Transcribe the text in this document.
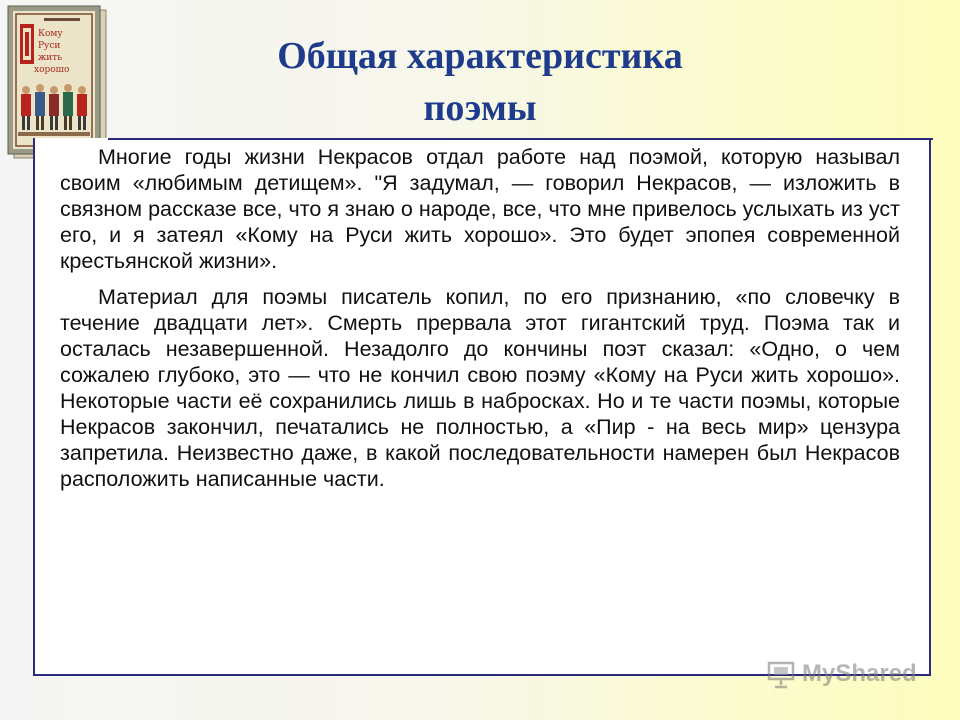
Кому
Руси
жить
хорошо	Общая характеристика
поэмы

Многие годы жизни Некрасов отдал работе над поэмой, которую называл своим «любимым детищем». "Я задумал, — говорил Некрасов, — изложить в связном рассказе все, что я знаю о народе, все, что мне привелось услыхать из уст его, и я затеял «Кому на Руси жить хорошо». Это будет эпопея современной крестьянской жизни».

Материал для поэмы писатель копил, по его признанию, «по словечку в течение двадцати лет». Смерть прервала этот гигантский труд. Поэма так и осталась незавершенной. Незадолго до кончины поэт сказал: «Одно, о чем сожалею глубоко, это — что не кончил свою поэму «Кому на Руси жить хорошо». Некоторые части её сохранились лишь в набросках. Но и те части поэмы, которые Некрасов закончил, печатались не полностью, а «Пир - на весь мир» цензура запретила. Неизвестно даже, в какой последовательности намерен был Некрасов расположить написанные части.

MyShared
